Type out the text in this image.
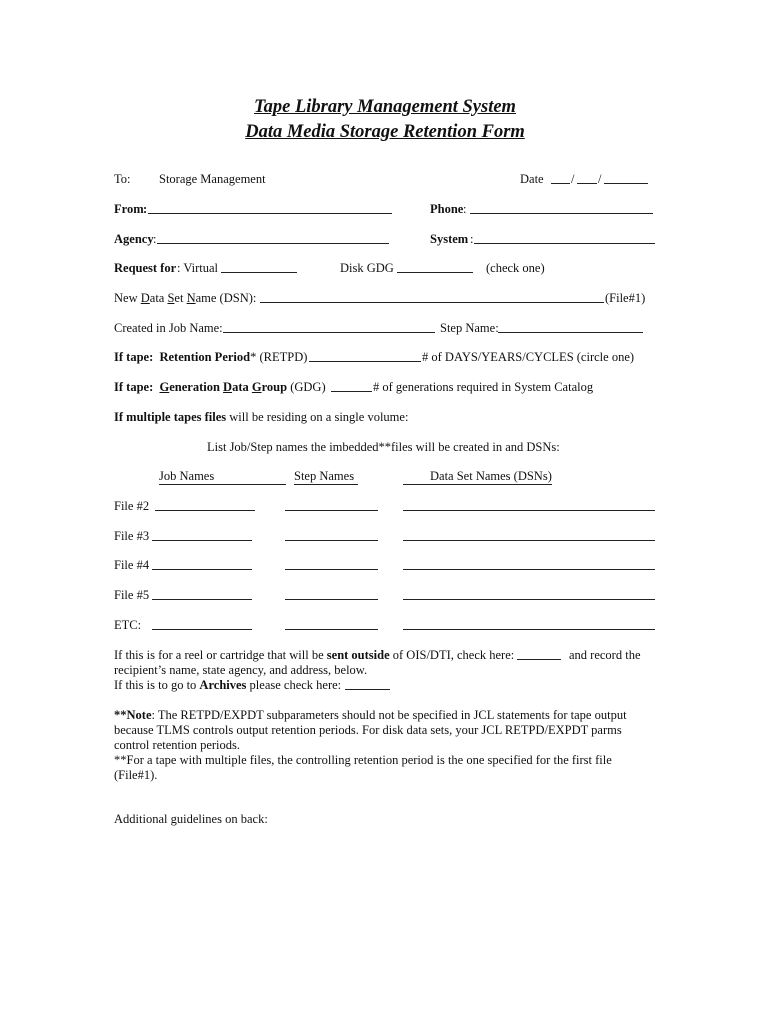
Tape Library Management System
Data Media Storage Retention Form
To: Storage Management	Date / /
From :	Phone :
Agency :	System :
Request for : Virtual	Disk GDG	(check one)
New Data Set Name (DSN):	(File#1)
Created in Job Name:	Step Name:
If tape: Retention Period* (RETPD)	# of DAYS/YEARS/CYCLES (circle one)
If tape: Generation Data Group (GDG)	# of generations required in System Catalog
If multiple tapes files will be residing on a single volume:
List Job/Step names the imbedded**files will be created in and DSNs:
Job Names	Step Names	Data Set Names (DSNs)
File #2
File #3
File #4
File #5
ETC:
If this is for a reel or cartridge that will be sent outside of OIS/DTI, check here:	and record the
recipient’s name, state agency, and address, below.
If this is to go to Archives please check here:
**Note: The RETPD/EXPDT subparameters should not be specified in JCL statements for tape output
because TLMS controls output retention periods. For disk data sets, your JCL RETPD/EXPDT parms
control retention periods.
**For a tape with multiple files, the controlling retention period is the one specified for the first file
(File#1).
Additional guidelines on back:
